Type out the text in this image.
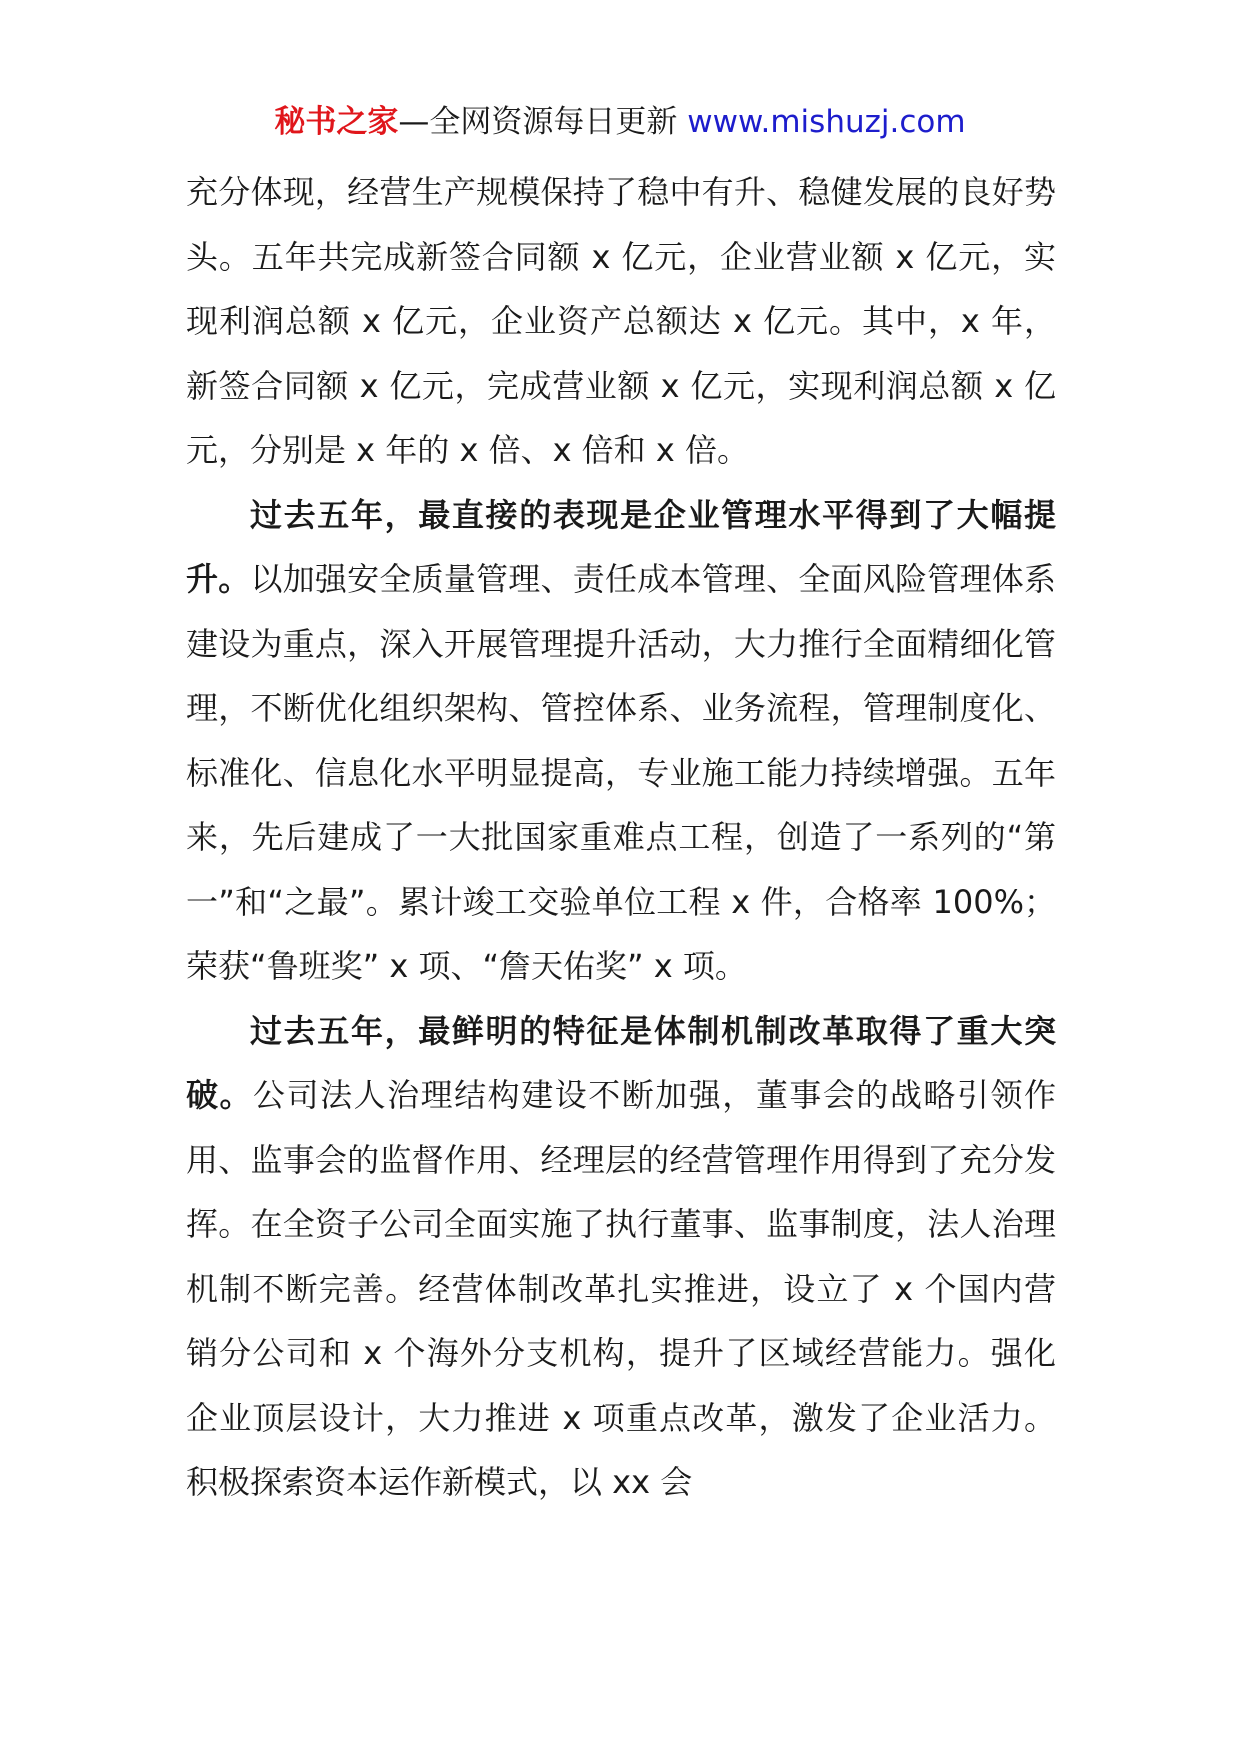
秘书之家—全网资源每日更新 www.mishuzj.com

充分体现，经营生产规模保持了稳中有升、稳健发展的良好势头。五年共完成新签合同额 x 亿元，企业营业额 x 亿元，实现利润总额 x 亿元，企业资产总额达 x 亿元。其中，x 年，新签合同额 x 亿元，完成营业额 x 亿元，实现利润总额 x 亿元，分别是 x 年的 x 倍、x 倍和 x 倍。

过去五年，最直接的表现是企业管理水平得到了大幅提升。以加强安全质量管理、责任成本管理、全面风险管理体系建设为重点，深入开展管理提升活动，大力推行全面精细化管理，不断优化组织架构、管控体系、业务流程，管理制度化、标准化、信息化水平明显提高，专业施工能力持续增强。五年来，先后建成了一大批国家重难点工程，创造了一系列的“第一”和“之最”。累计竣工交验单位工程 x 件，合格率 100%；荣获“鲁班奖” x 项、“詹天佑奖” x 项。

过去五年，最鲜明的特征是体制机制改革取得了重大突破。公司法人治理结构建设不断加强，董事会的战略引领作用、监事会的监督作用、经理层的经营管理作用得到了充分发挥。在全资子公司全面实施了执行董事、监事制度，法人治理机制不断完善。经营体制改革扎实推进，设立了 x 个国内营销分公司和 x 个海外分支机构，提升了区域经营能力。强化企业顶层设计，大力推进 x 项重点改革，激发了企业活力。积极探索资本运作新模式，以 xx 会
